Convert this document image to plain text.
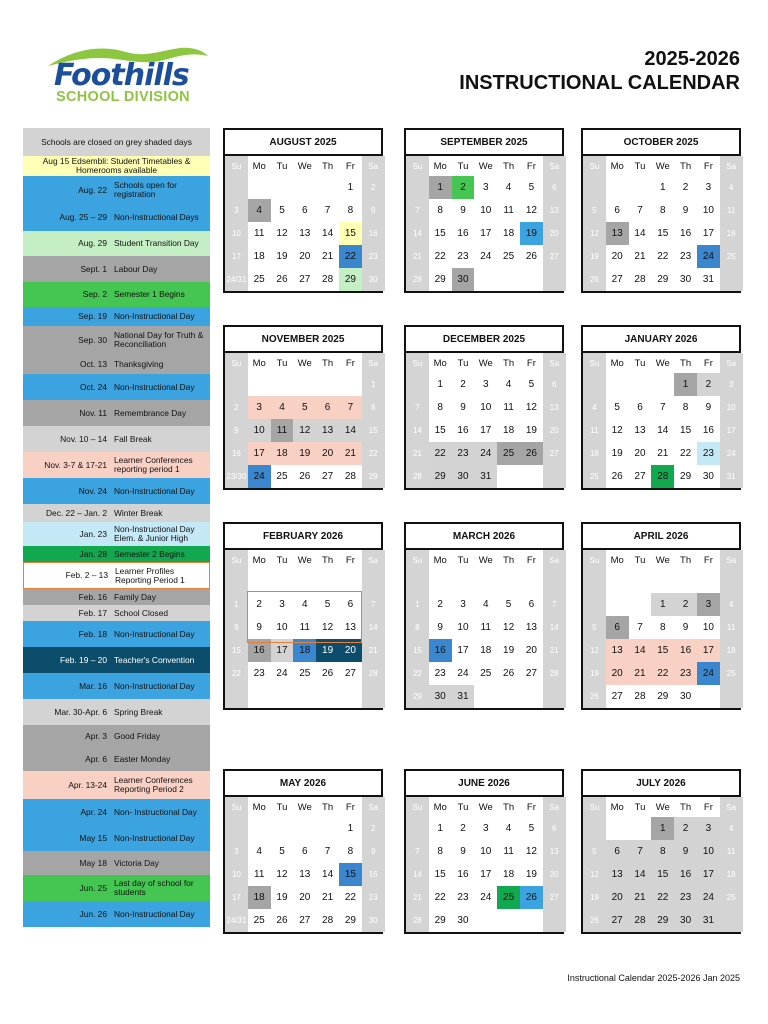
Foothills
SCHOOL DIVISION
2025-2026
INSTRUCTIONAL CALENDAR
Schools are closed on grey shaded days
Aug 15 Edsembli: Student Timetables & Homerooms available
Aug. 22 Schools open for registration
Aug. 25 – 29 Non-Instructional Days
Aug. 29 Student Transition Day
Sept. 1 Labour Day
Sep. 2 Semester 1 Begins
Sep. 19 Non-Instructional Day
Sep. 30 National Day for Truth & Reconciliation
Oct. 13 Thanksgiving
Oct. 24 Non-Instructional Day
Nov. 11 Remembrance Day
Nov. 10 – 14 Fall Break
Nov. 3-7 & 17-21 Learner Conferences reporting period 1
Nov. 24 Non-Instructional Day
Dec. 22 – Jan. 2 Winter Break
Jan. 23 Non-Instructional Day Elem. & Junior High
Jan. 28 Semester 2 Begins
Feb. 2 – 13 Learner Profiles Reporting Period 1
Feb. 16 Family Day
Feb. 17 School Closed
Feb. 18 Non-Instructional Day
Feb. 19 – 20 Teacher's Convention
Mar. 16 Non-Instructional Day
Mar. 30-Apr. 6 Spring Break
Apr. 3 Good Friday
Apr. 6 Easter Monday
Apr. 13-24 Learner Conferences Reporting Period 2
Apr. 24 Non- Instructional Day
May 15 Non-Instructional Day
May 18 Victoria Day
Jun. 25 Last day of school for students
Jun. 26 Non-Instructional Day
AUGUST 2025
Su	Mo	Tu	We	Th	Fr	Sa
					1	2
3	4	5	6	7	8	9
10	11	12	13	14	15	16
17	18	19	20	21	22	23
24/31	25	26	27	28	29	30
SEPTEMBER 2025
Su	Mo	Tu	We	Th	Fr	Sa
	1	2	3	4	5	6
7	8	9	10	11	12	13
14	15	16	17	18	19	20
21	22	23	24	25	26	27
28	29	30				
OCTOBER 2025
Su	Mo	Tu	We	Th	Fr	Sa
			1	2	3	4
5	6	7	8	9	10	11
12	13	14	15	16	17	18
19	20	21	22	23	24	25
26	27	28	29	30	31	
NOVEMBER 2025
Su	Mo	Tu	We	Th	Fr	Sa
						1
2	3	4	5	6	7	8
9	10	11	12	13	14	15
16	17	18	19	20	21	22
23/30	24	25	26	27	28	29
DECEMBER 2025
Su	Mo	Tu	We	Th	Fr	Sa
	1	2	3	4	5	6
7	8	9	10	11	12	13
14	15	16	17	18	19	20
21	22	23	24	25	26	27
28	29	30	31			
JANUARY 2026
Su	Mo	Tu	We	Th	Fr	Sa
				1	2	3
4	5	6	7	8	9	10
11	12	13	14	15	16	17
18	19	20	21	22	23	24
25	26	27	28	29	30	31
FEBRUARY 2026
Su	Mo	Tu	We	Th	Fr	Sa

1	2	3	4	5	6	7
8	9	10	11	12	13	14
15	16	17	18	19	20	21
22	23	24	25	26	27	28

MARCH 2026
Su	Mo	Tu	We	Th	Fr	Sa

1	2	3	4	5	6	7
8	9	10	11	12	13	14
15	16	17	18	19	20	21
22	23	24	25	26	27	28
29	30	31				
APRIL 2026
Su	Mo	Tu	We	Th	Fr	Sa

			1	2	3	4
5	6	7	8	9	10	11
12	13	14	15	16	17	18
19	20	21	22	23	24	25
26	27	28	29	30		
MAY 2026
Su	Mo	Tu	We	Th	Fr	Sa
					1	2
3	4	5	6	7	8	9
10	11	12	13	14	15	16
17	18	19	20	21	22	23
24/31	25	26	27	28	29	30
JUNE 2026
Su	Mo	Tu	We	Th	Fr	Sa
	1	2	3	4	5	6
7	8	9	10	11	12	13
14	15	16	17	18	19	20
21	22	23	24	25	26	27
28	29	30				
JULY 2026
Su	Mo	Tu	We	Th	Fr	Sa
			1	2	3	4
5	6	7	8	9	10	11
12	13	14	15	16	17	18
19	20	21	22	23	24	25
26	27	28	29	30	31	
Instructional Calendar 2025-2026 Jan 2025
